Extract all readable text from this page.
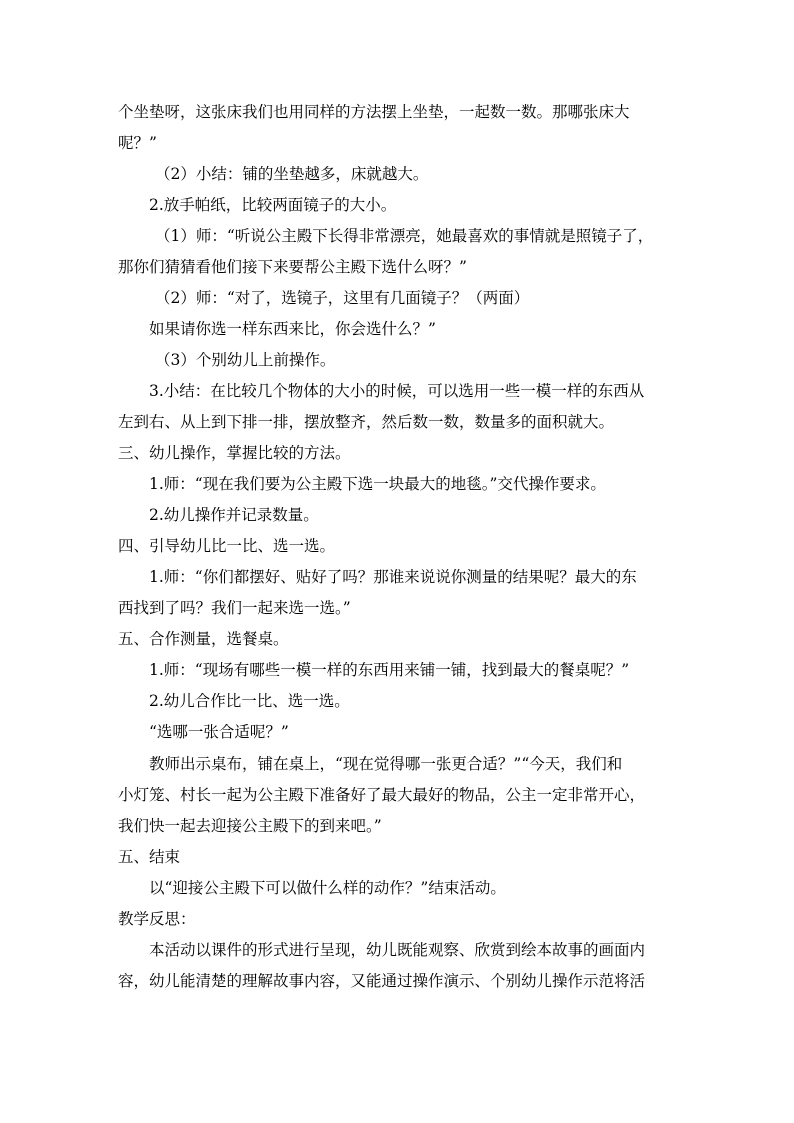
个坐垫呀，这张床我们也用同样的方法摆上坐垫，一起数一数。那哪张床大
呢？”
（2）小结：铺的坐垫越多，床就越大。
2.放手帕纸，比较两面镜子的大小。
（1）师：“听说公主殿下长得非常漂亮，她最喜欢的事情就是照镜子了，
那你们猜猜看他们接下来要帮公主殿下选什么呀？”
（2）师：“对了，选镜子，这里有几面镜子？（两面）
如果请你选一样东西来比，你会选什么？”
（3）个别幼儿上前操作。
3.小结：在比较几个物体的大小的时候，可以选用一些一模一样的东西从
左到右、从上到下排一排，摆放整齐，然后数一数，数量多的面积就大。
三、幼儿操作，掌握比较的方法。
1.师：“现在我们要为公主殿下选一块最大的地毯。”交代操作要求。
2.幼儿操作并记录数量。
四、引导幼儿比一比、选一选。
1.师：“你们都摆好、贴好了吗？那谁来说说你测量的结果呢？最大的东
西找到了吗？我们一起来选一选。”
五、合作测量，选餐桌。
1.师：“现场有哪些一模一样的东西用来铺一铺，找到最大的餐桌呢？”
2.幼儿合作比一比、选一选。
“选哪一张合适呢？”
教师出示桌布，铺在桌上，“现在觉得哪一张更合适？”“今天，我们和
小灯笼、村长一起为公主殿下准备好了最大最好的物品，公主一定非常开心，
我们快一起去迎接公主殿下的到来吧。”
五、结束
以“迎接公主殿下可以做什么样的动作？”结束活动。
教学反思：
本活动以课件的形式进行呈现，幼儿既能观察、欣赏到绘本故事的画面内
容，幼儿能清楚的理解故事内容，又能通过操作演示、个别幼儿操作示范将活
